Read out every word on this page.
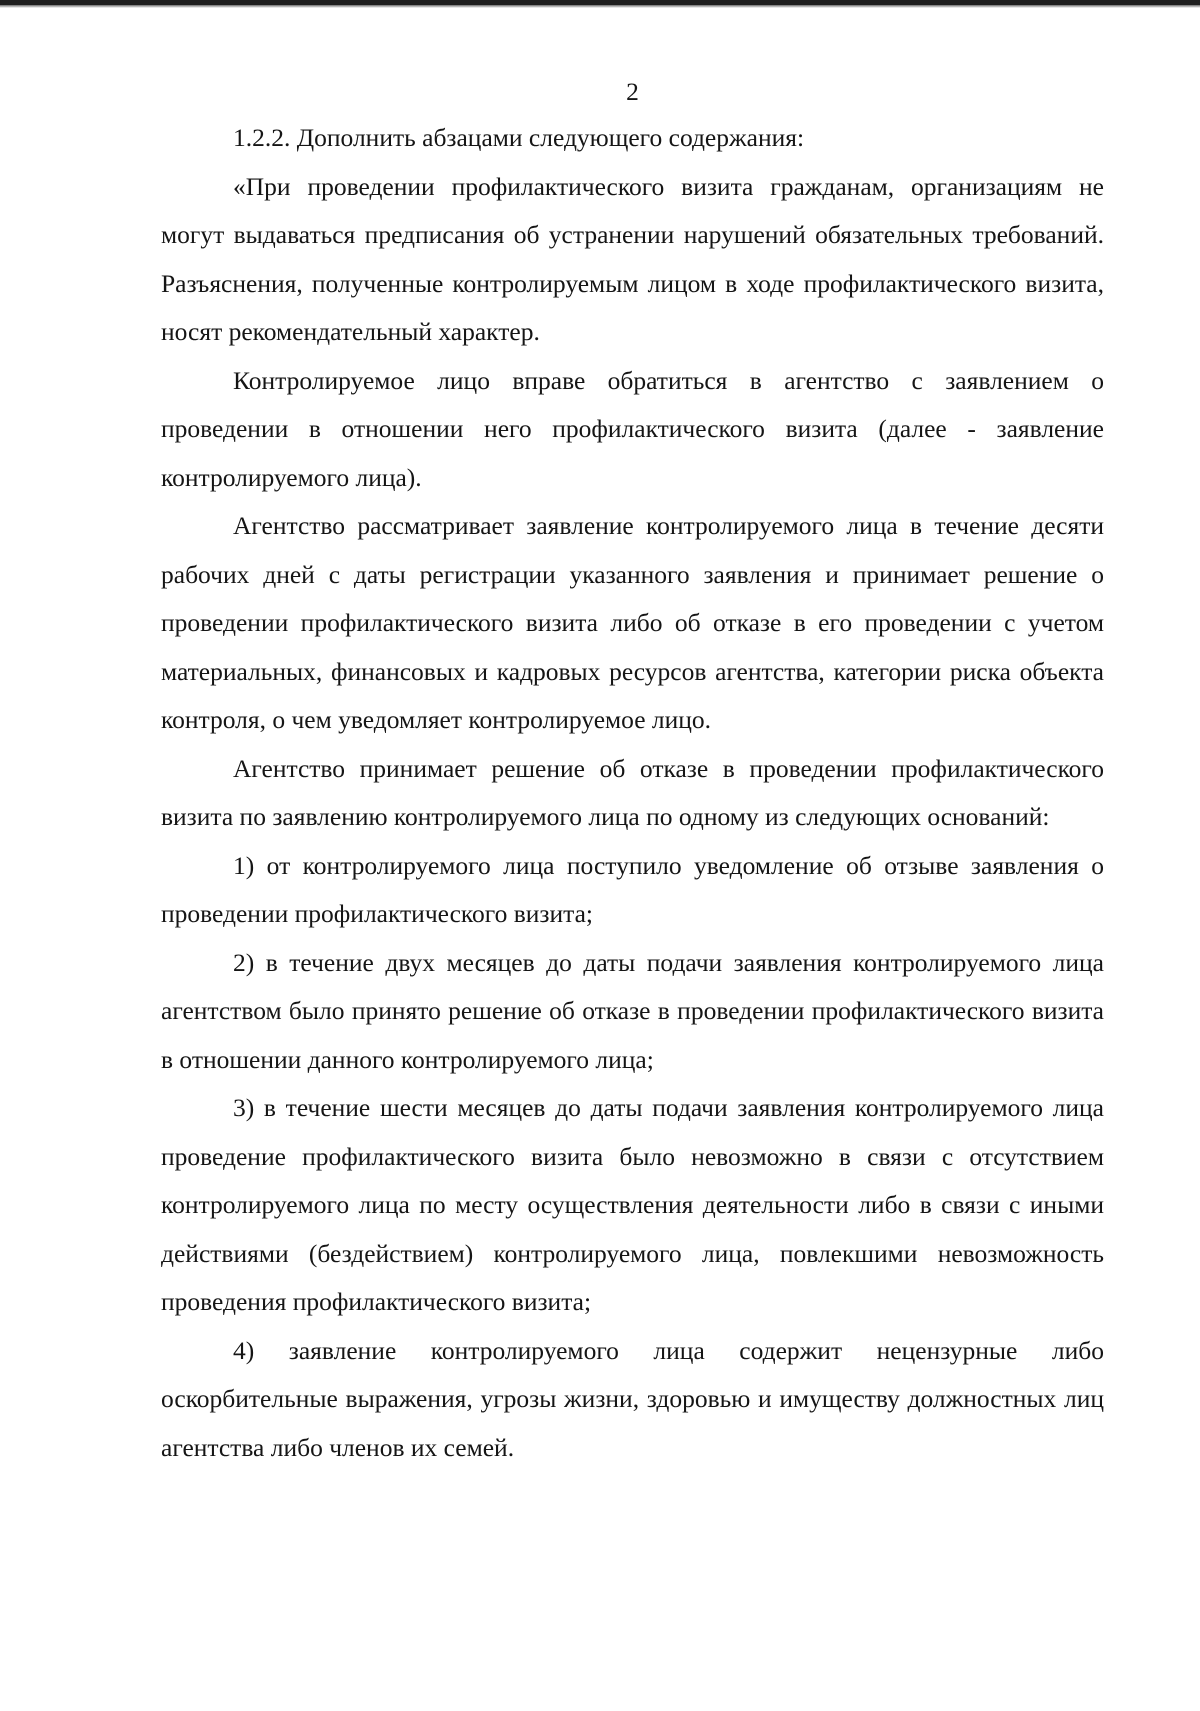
2

1.2.2. Дополнить абзацами следующего содержания:

«При проведении профилактического визита гражданам, организациям не могут выдаваться предписания об устранении нарушений обязательных требований. Разъяснения, полученные контролируемым лицом в ходе профилактического визита, носят рекомендательный характер.

Контролируемое лицо вправе обратиться в агентство с заявлением о проведении в отношении него профилактического визита (далее - заявление контролируемого лица).

Агентство рассматривает заявление контролируемого лица в течение десяти рабочих дней с даты регистрации указанного заявления и принимает решение о проведении профилактического визита либо об отказе в его проведении с учетом материальных, финансовых и кадровых ресурсов агентства, категории риска объекта контроля, о чем уведомляет контролируемое лицо.

Агентство принимает решение об отказе в проведении профилактического визита по заявлению контролируемого лица по одному из следующих оснований:

1) от контролируемого лица поступило уведомление об отзыве заявления о проведении профилактического визита;

2) в течение двух месяцев до даты подачи заявления контролируемого лица агентством было принято решение об отказе в проведении профилактического визита в отношении данного контролируемого лица;

3) в течение шести месяцев до даты подачи заявления контролируемого лица проведение профилактического визита было невозможно в связи с отсутствием контролируемого лица по месту осуществления деятельности либо в связи с иными действиями (бездействием) контролируемого лица, повлекшими невозможность проведения профилактического визита;

4) заявление контролируемого лица содержит нецензурные либо оскорбительные выражения, угрозы жизни, здоровью и имуществу должностных лиц агентства либо членов их семей.
